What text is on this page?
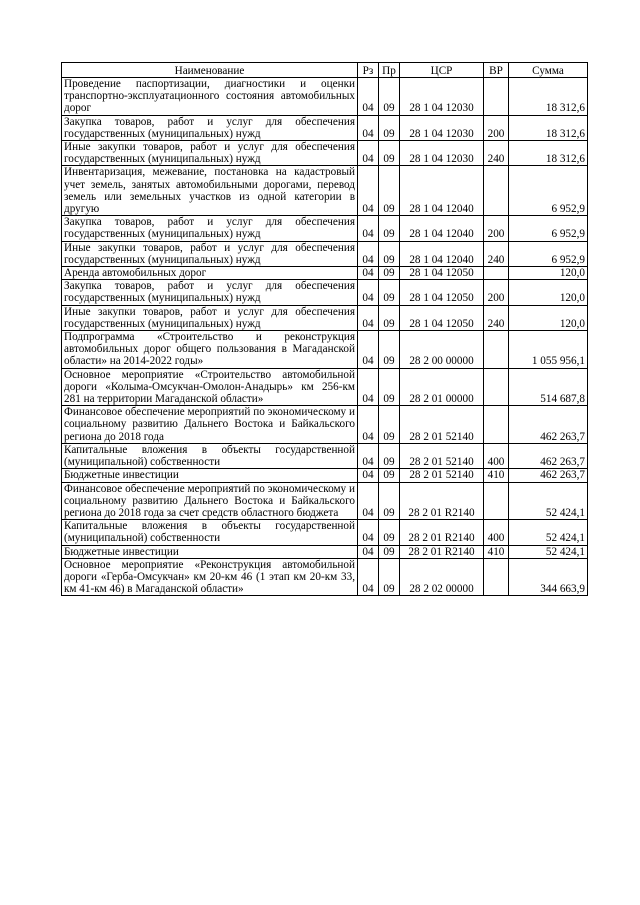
Наименование	Рз	Пр	ЦСР	ВР	Сумма
Проведение паспортизации, диагностики и оценки транспортно-эксплуатационного состояния автомобильных дорог	04	09	28 1 04 12030		18 312,6
Закупка товаров, работ и услуг для обеспечения государственных (муниципальных) нужд	04	09	28 1 04 12030	200	18 312,6
Иные закупки товаров, работ и услуг для обеспечения государственных (муниципальных) нужд	04	09	28 1 04 12030	240	18 312,6
Инвентаризация, межевание, постановка на кадастровый учет земель, занятых автомобильными дорогами, перевод земель или земельных участков из одной категории в другую	04	09	28 1 04 12040		6 952,9
Закупка товаров, работ и услуг для обеспечения государственных (муниципальных) нужд	04	09	28 1 04 12040	200	6 952,9
Иные закупки товаров, работ и услуг для обеспечения государственных (муниципальных) нужд	04	09	28 1 04 12040	240	6 952,9
Аренда автомобильных дорог	04	09	28 1 04 12050		120,0
Закупка товаров, работ и услуг для обеспечения государственных (муниципальных) нужд	04	09	28 1 04 12050	200	120,0
Иные закупки товаров, работ и услуг для обеспечения государственных (муниципальных) нужд	04	09	28 1 04 12050	240	120,0
Подпрограмма «Строительство и реконструкция автомобильных дорог общего пользования в Магаданской области» на 2014-2022 годы»	04	09	28 2 00 00000		1 055 956,1
Основное мероприятие «Строительство автомобильной дороги «Колыма-Омсукчан-Омолон-Анадырь» км 256-км 281 на территории Магаданской области»	04	09	28 2 01 00000		514 687,8
Финансовое обеспечение мероприятий по экономическому и социальному развитию Дальнего Востока и Байкальского региона до 2018 года	04	09	28 2 01 52140		462 263,7
Капитальные вложения в объекты государственной (муниципальной) собственности	04	09	28 2 01 52140	400	462 263,7
Бюджетные инвестиции	04	09	28 2 01 52140	410	462 263,7
Финансовое обеспечение мероприятий по экономическому и социальному развитию Дальнего Востока и Байкальского региона до 2018 года за счет средств областного бюджета	04	09	28 2 01 R2140		52 424,1
Капитальные вложения в объекты государственной (муниципальной) собственности	04	09	28 2 01 R2140	400	52 424,1
Бюджетные инвестиции	04	09	28 2 01 R2140	410	52 424,1
Основное мероприятие «Реконструкция автомобильной дороги «Герба-Омсукчан» км 20-км 46 (1 этап км 20-км 33, км 41-км 46) в Магаданской области»	04	09	28 2 02 00000		344 663,9
